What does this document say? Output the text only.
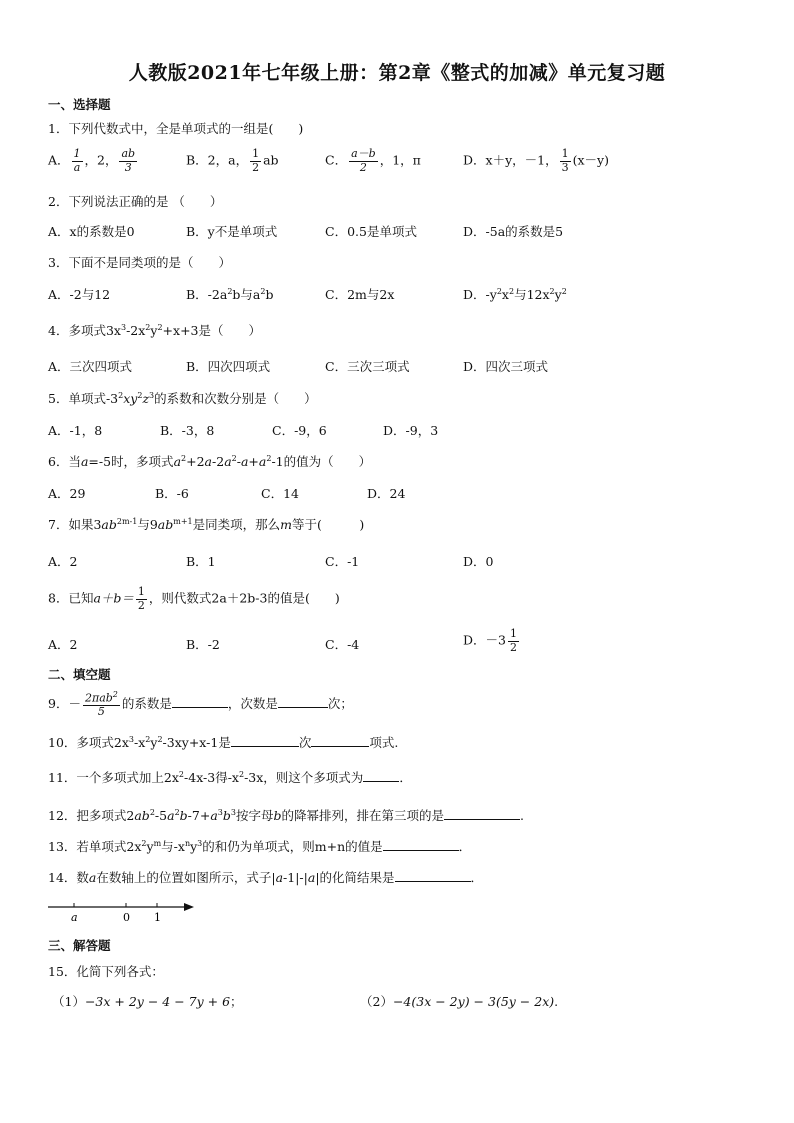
人教版2021年七年级上册：第2章《整式的加减》单元复习题
一、选择题
1．下列代数式中，全是单项式的一组是(　　)
A． $\frac{1}{a}$ ，2， $\frac{ab}{3}$	B．2，a， $\frac{1}{2}$ ab	C． $\frac{a-b}{2}$ ，1，π	D．x＋y，－1， $\frac{1}{3} (x-y)$
2．下列说法正确的是 （　　）
A．x的系数是0	B．y不是单项式	C．0.5是单项式	D．-5a的系数是5
3．下面不是同类项的是（　　）
A．-2与12	B．$-2a^2b$与$a^2b$	C．2m与2x	D．$-y^2x^2$与$12x^2y^2$
4．多项式$3x^3-2x^2y^2+x+3$是（　　）
A．三次四项式	B．四次四项式	C．三次三项式	D．四次三项式
5．单项式$-3^2xy^2z^3$的系数和次数分别是（　　）
A．-1，8	B．-3，8	C．-9，6	D．-9，3
6．当a=-5时，多项式$a^2+2a-2a^2-a+a^2-1$的值为（　　）
A．29	B．-6	C．14	D．24
7．如果$3ab^{2m-1}$与$9ab^{m+1}$是同类项，那么m等于(　　　)
A．2	B．1	C．-1	D．0
8．已知$a+b= \frac{1}{2}$ ，则代数式2a＋2b-3的值是(　　)
A．2	B．-2	C．-4	D．$-3 \frac{1}{2}$
二、填空题
9．－ $\frac{2\pi ab^2}{5}$ 的系数是	，次数是	次；
10．多项式$2x^3-x^2y^2-3xy+x-1$是	次	项式.
11．一个多项式加上$2x^2-4x-3$得$-x^2-3x$，则这个多项式为	．
12．把多项式$2ab^2-5a^2b-7+a^3b^3$按字母b的降幂排列，排在第三项的是	.
13．若单项式$2x^2y^m$与$-x^ny^3$的和仍为单项式，则m+n的值是	．
14．数a在数轴上的位置如图所示，式子|a-1|-|a|的化简结果是	．
a	0 1
三、解答题
15．化简下列各式：
（1）−3x + 2y − 4 − 7y + 6；	（2）−4(3x − 2y) − 3(5y − 2x).
